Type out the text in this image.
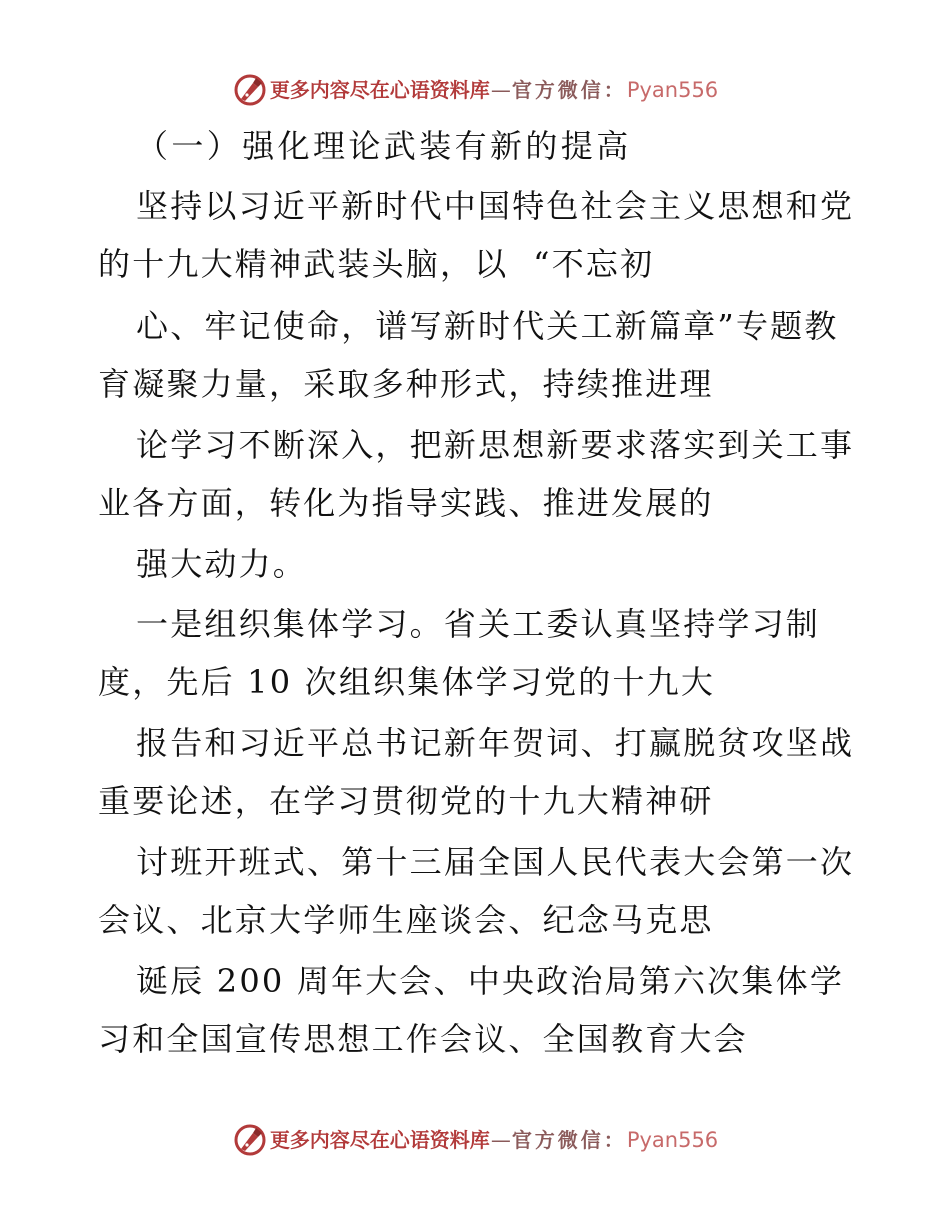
更多内容尽在心语资料库 — 官方微信： Pyan556
（一）强化理论武装有新的提高
坚持以习近平新时代中国特色社会主义思想和党
的十九大精神武装头脑，以  “不忘初
心、牢记使命，谱写新时代关工新篇章”专题教
育凝聚力量，采取多种形式，持续推进理
论学习不断深入，把新思想新要求落实到关工事
业各方面，转化为指导实践、推进发展的
强大动力。
一是组织集体学习。省关工委认真坚持学习制
度，先后 10 次组织集体学习党的十九大
报告和习近平总书记新年贺词、打赢脱贫攻坚战
重要论述，在学习贯彻党的十九大精神研
讨班开班式、第十三届全国人民代表大会第一次
会议、北京大学师生座谈会、纪念马克思
诞辰 200 周年大会、中央政治局第六次集体学
习和全国宣传思想工作会议、全国教育大会
更多内容尽在心语资料库 — 官方微信： Pyan556
